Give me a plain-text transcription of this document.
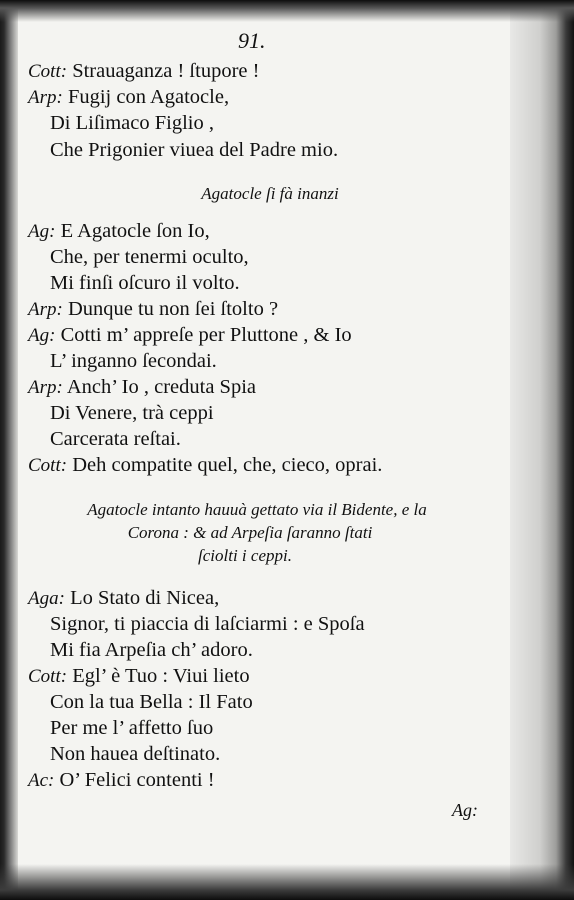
91.
Cott: Strauaganza ! ſtupore !
Arp: Fugij con Agatocle,
Di Liſimaco Figlio ,
Che Prigonier viuea del Padre mio.
Agatocle ſi fà inanzi
Ag: E Agatocle ſon Io,
Che, per tenermi oculto,
Mi finſi oſcuro il volto.
Arp: Dunque tu non ſei ſtolto ?
Ag: Cotti m’ appreſe per Pluttone , & Io
L’ inganno ſecondai.
Arp: Anch’ Io , creduta Spia
Di Venere, trà ceppi
Carcerata reſtai.
Cott: Deh compatite quel, che, cieco, oprai.
Agatocle intanto hauuà gettato via il Bidente, e la
Corona : & ad Arpeſia ſaranno ſtati
ſciolti i ceppi.
Aga: Lo Stato di Nicea,
Signor, ti piaccia di laſciarmi : e Spoſa
Mi fia Arpeſia ch’ adoro.
Cott: Egl’ è Tuo : Viui lieto
Con la tua Bella : Il Fato
Per me l’ affetto ſuo
Non hauea deſtinato.
Ac: O’ Felici contenti !
Ag:
